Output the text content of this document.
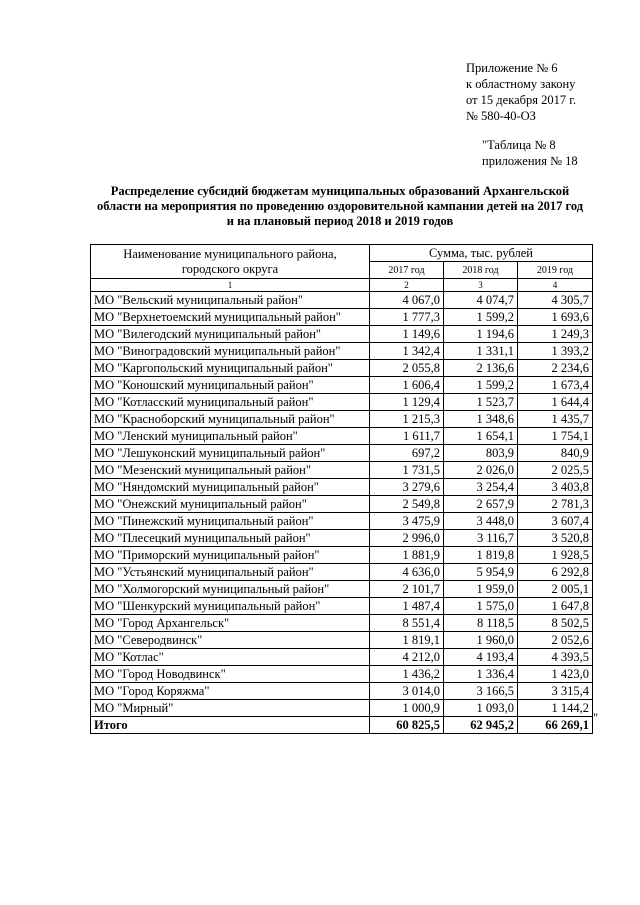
Приложение № 6
к областному закону
от 15 декабря 2017 г.
№ 580-40-ОЗ
"Таблица № 8
приложения № 18
Распределение субсидий бюджетам муниципальных образований Архангельской
области на мероприятия по проведению оздоровительной кампании детей на 2017 год
и на плановый период 2018 и 2019 годов
Наименование муниципального района, городского округа	Сумма, тыс. рублей		
	2017 год	2018 год	2019 год
1	2	3	4
МО "Вельский муниципальный район"	4 067,0	4 074,7	4 305,7
МО "Верхнетоемский муниципальный район"	1 777,3	1 599,2	1 693,6
МО "Вилегодский муниципальный район"	1 149,6	1 194,6	1 249,3
МО "Виноградовский муниципальный район"	1 342,4	1 331,1	1 393,2
МО "Каргопольский муниципальный район"	2 055,8	2 136,6	2 234,6
МО "Коношский муниципальный район"	1 606,4	1 599,2	1 673,4
МО "Котласский муниципальный район"	1 129,4	1 523,7	1 644,4
МО "Красноборский муниципальный район"	1 215,3	1 348,6	1 435,7
МО "Ленский муниципальный район"	1 611,7	1 654,1	1 754,1
МО "Лешуконский муниципальный район"	697,2	803,9	840,9
МО "Мезенский муниципальный район"	1 731,5	2 026,0	2 025,5
МО "Няндомский муниципальный район"	3 279,6	3 254,4	3 403,8
МО "Онежский муниципальный район"	2 549,8	2 657,9	2 781,3
МО "Пинежский муниципальный район"	3 475,9	3 448,0	3 607,4
МО "Плесецкий муниципальный район"	2 996,0	3 116,7	3 520,8
МО "Приморский муниципальный район"	1 881,9	1 819,8	1 928,5
МО "Устьянский муниципальный район"	4 636,0	5 954,9	6 292,8
МО "Холмогорский муниципальный район"	2 101,7	1 959,0	2 005,1
МО "Шенкурский муниципальный район"	1 487,4	1 575,0	1 647,8
МО "Город Архангельск"	8 551,4	8 118,5	8 502,5
МО "Северодвинск"	1 819,1	1 960,0	2 052,6
МО "Котлас"	4 212,0	4 193,4	4 393,5
МО "Город Новодвинск"	1 436,2	1 336,4	1 423,0
МО "Город Коряжма"	3 014,0	3 166,5	3 315,4
МО "Мирный"	1 000,9	1 093,0	1 144,2
Итого	60 825,5	62 945,2	66 269,1 "
